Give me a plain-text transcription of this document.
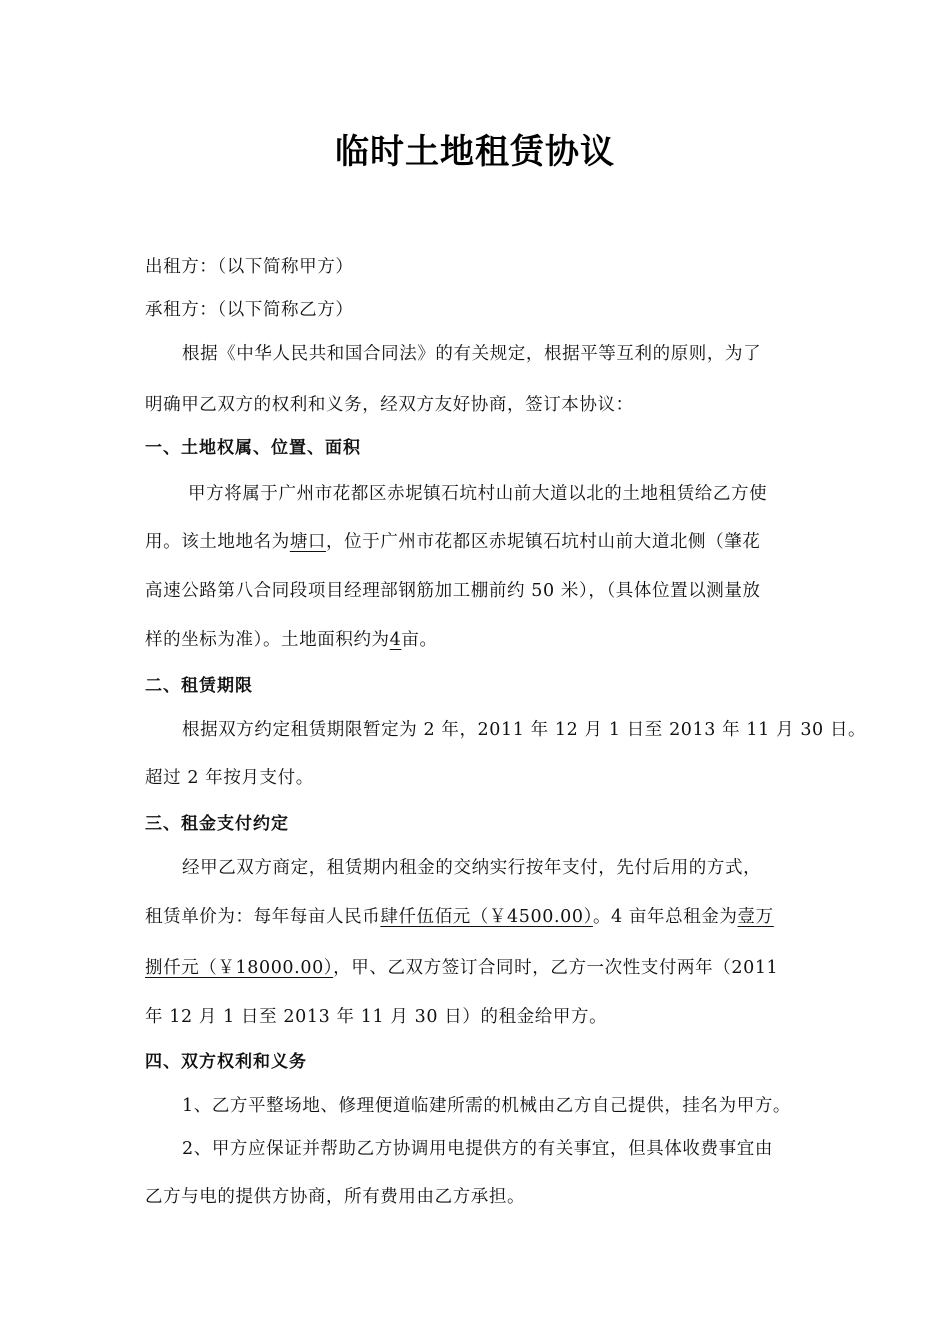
临时土地租赁协议
出租方：（以下简称甲方）
承租方：（以下简称乙方）
根据《中华人民共和国合同法》的有关规定，根据平等互利的原则，为了
明确甲乙双方的权利和义务，经双方友好协商，签订本协议：
一、土地权属、位置、面积
甲方将属于广州市花都区赤坭镇石坑村山前大道以北的土地租赁给乙方使
用。该土地地名为塘口，位于广州市花都区赤坭镇石坑村山前大道北侧（肇花
高速公路第八合同段项目经理部钢筋加工棚前约 50 米），（具体位置以测量放
样的坐标为准）。土地面积约为4亩。
二、租赁期限
根据双方约定租赁期限暂定为 2 年，2011 年 12 月 1 日至 2013 年 11 月 30 日。
超过 2 年按月支付。
三、租金支付约定
经甲乙双方商定，租赁期内租金的交纳实行按年支付，先付后用的方式，
租赁单价为：每年每亩人民币肆仟伍佰元（￥4500.00）。4 亩年总租金为壹万
捌仟元（￥18000.00），甲、乙双方签订合同时，乙方一次性支付两年（2011
年 12 月 1 日至 2013 年 11 月 30 日）的租金给甲方。
四、双方权利和义务
1、乙方平整场地、修理便道临建所需的机械由乙方自己提供，挂名为甲方。
2、甲方应保证并帮助乙方协调用电提供方的有关事宜，但具体收费事宜由
乙方与电的提供方协商，所有费用由乙方承担。
